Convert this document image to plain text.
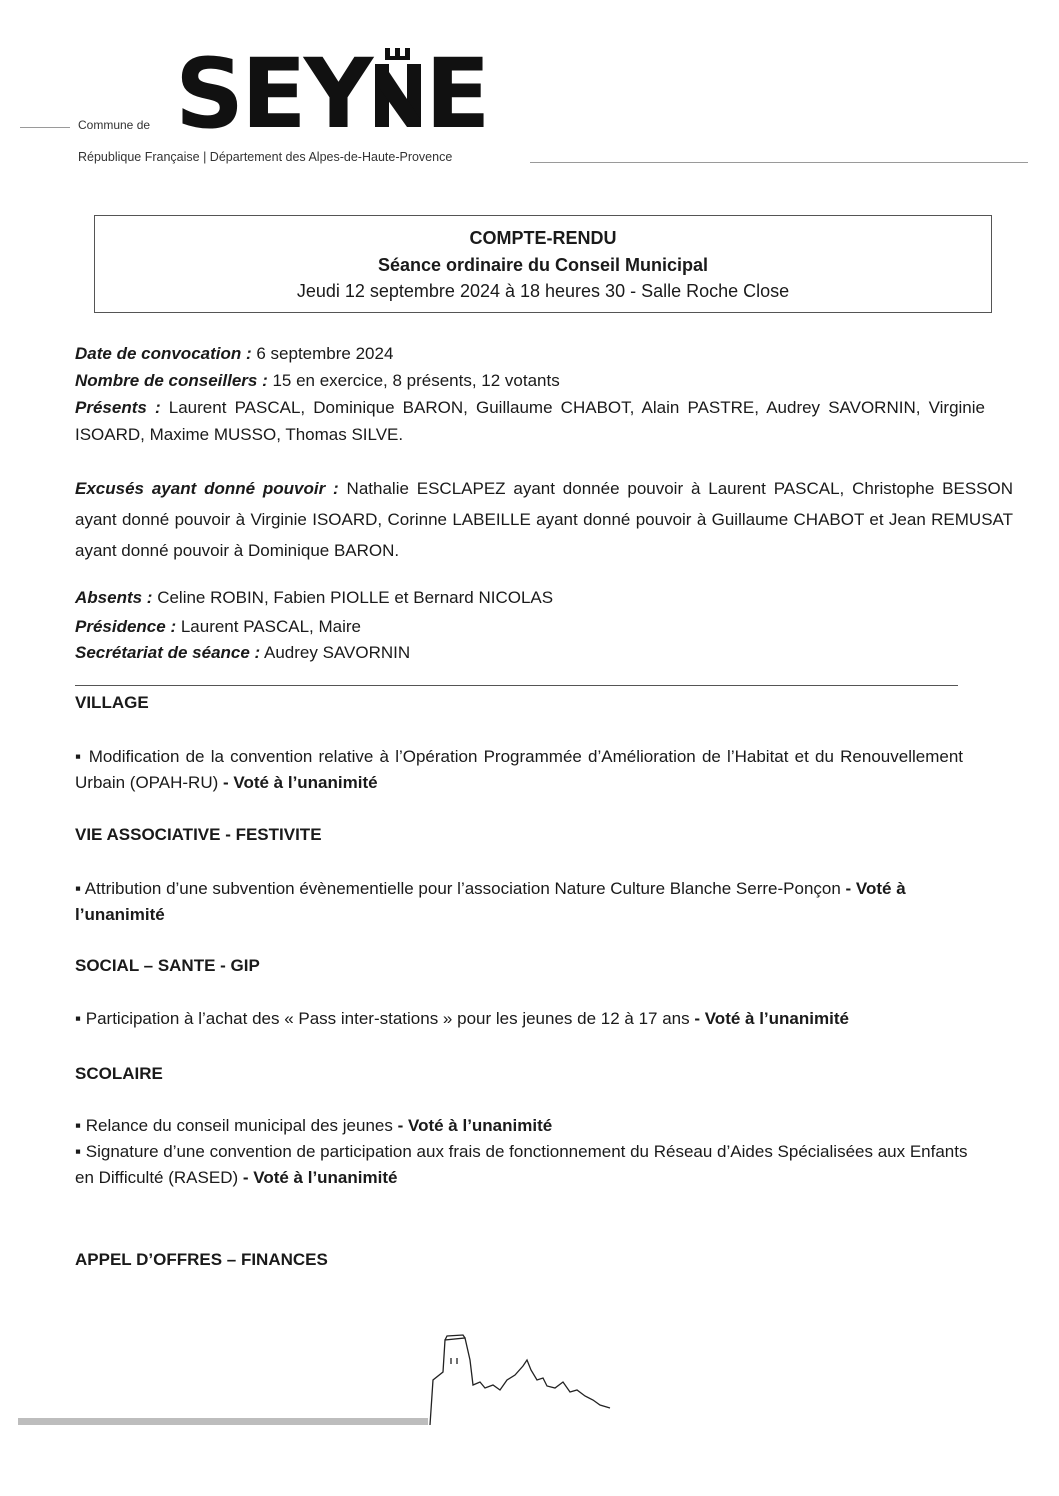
Commune de SEY E
République Française | Département des Alpes-de-Haute-Provence
COMPTE-RENDU
Séance ordinaire du Conseil Municipal
Jeudi 12 septembre 2024 à 18 heures 30 - Salle Roche Close
Date de convocation : 6 septembre 2024
Nombre de conseillers : 15 en exercice, 8 présents, 12 votants
Présents : Laurent PASCAL, Dominique BARON, Guillaume CHABOT, Alain PASTRE, Audrey SAVORNIN, Virginie ISOARD, Maxime MUSSO, Thomas SILVE.
Excusés ayant donné pouvoir : Nathalie ESCLAPEZ ayant donnée pouvoir à Laurent PASCAL, Christophe BESSON ayant donné pouvoir à Virginie ISOARD, Corinne LABEILLE ayant donné pouvoir à Guillaume CHABOT et Jean REMUSAT ayant donné pouvoir à Dominique BARON.
Absents : Celine ROBIN, Fabien PIOLLE et Bernard NICOLAS
Présidence : Laurent PASCAL, Maire
Secrétariat de séance : Audrey SAVORNIN
VILLAGE
▪ Modification de la convention relative à l’Opération Programmée d’Amélioration de l’Habitat et du Renouvellement Urbain (OPAH-RU) - Voté à l’unanimité
VIE ASSOCIATIVE - FESTIVITE
▪ Attribution d’une subvention évènementielle pour l’association Nature Culture Blanche Serre-Ponçon - Voté à l’unanimité
SOCIAL – SANTE - GIP
▪ Participation à l’achat des « Pass inter-stations » pour les jeunes de 12 à 17 ans - Voté à l’unanimité
SCOLAIRE
▪ Relance du conseil municipal des jeunes - Voté à l’unanimité
▪ Signature d’une convention de participation aux frais de fonctionnement du Réseau d’Aides Spécialisées aux Enfants en Difficulté (RASED) - Voté à l’unanimité
APPEL D’OFFRES – FINANCES
